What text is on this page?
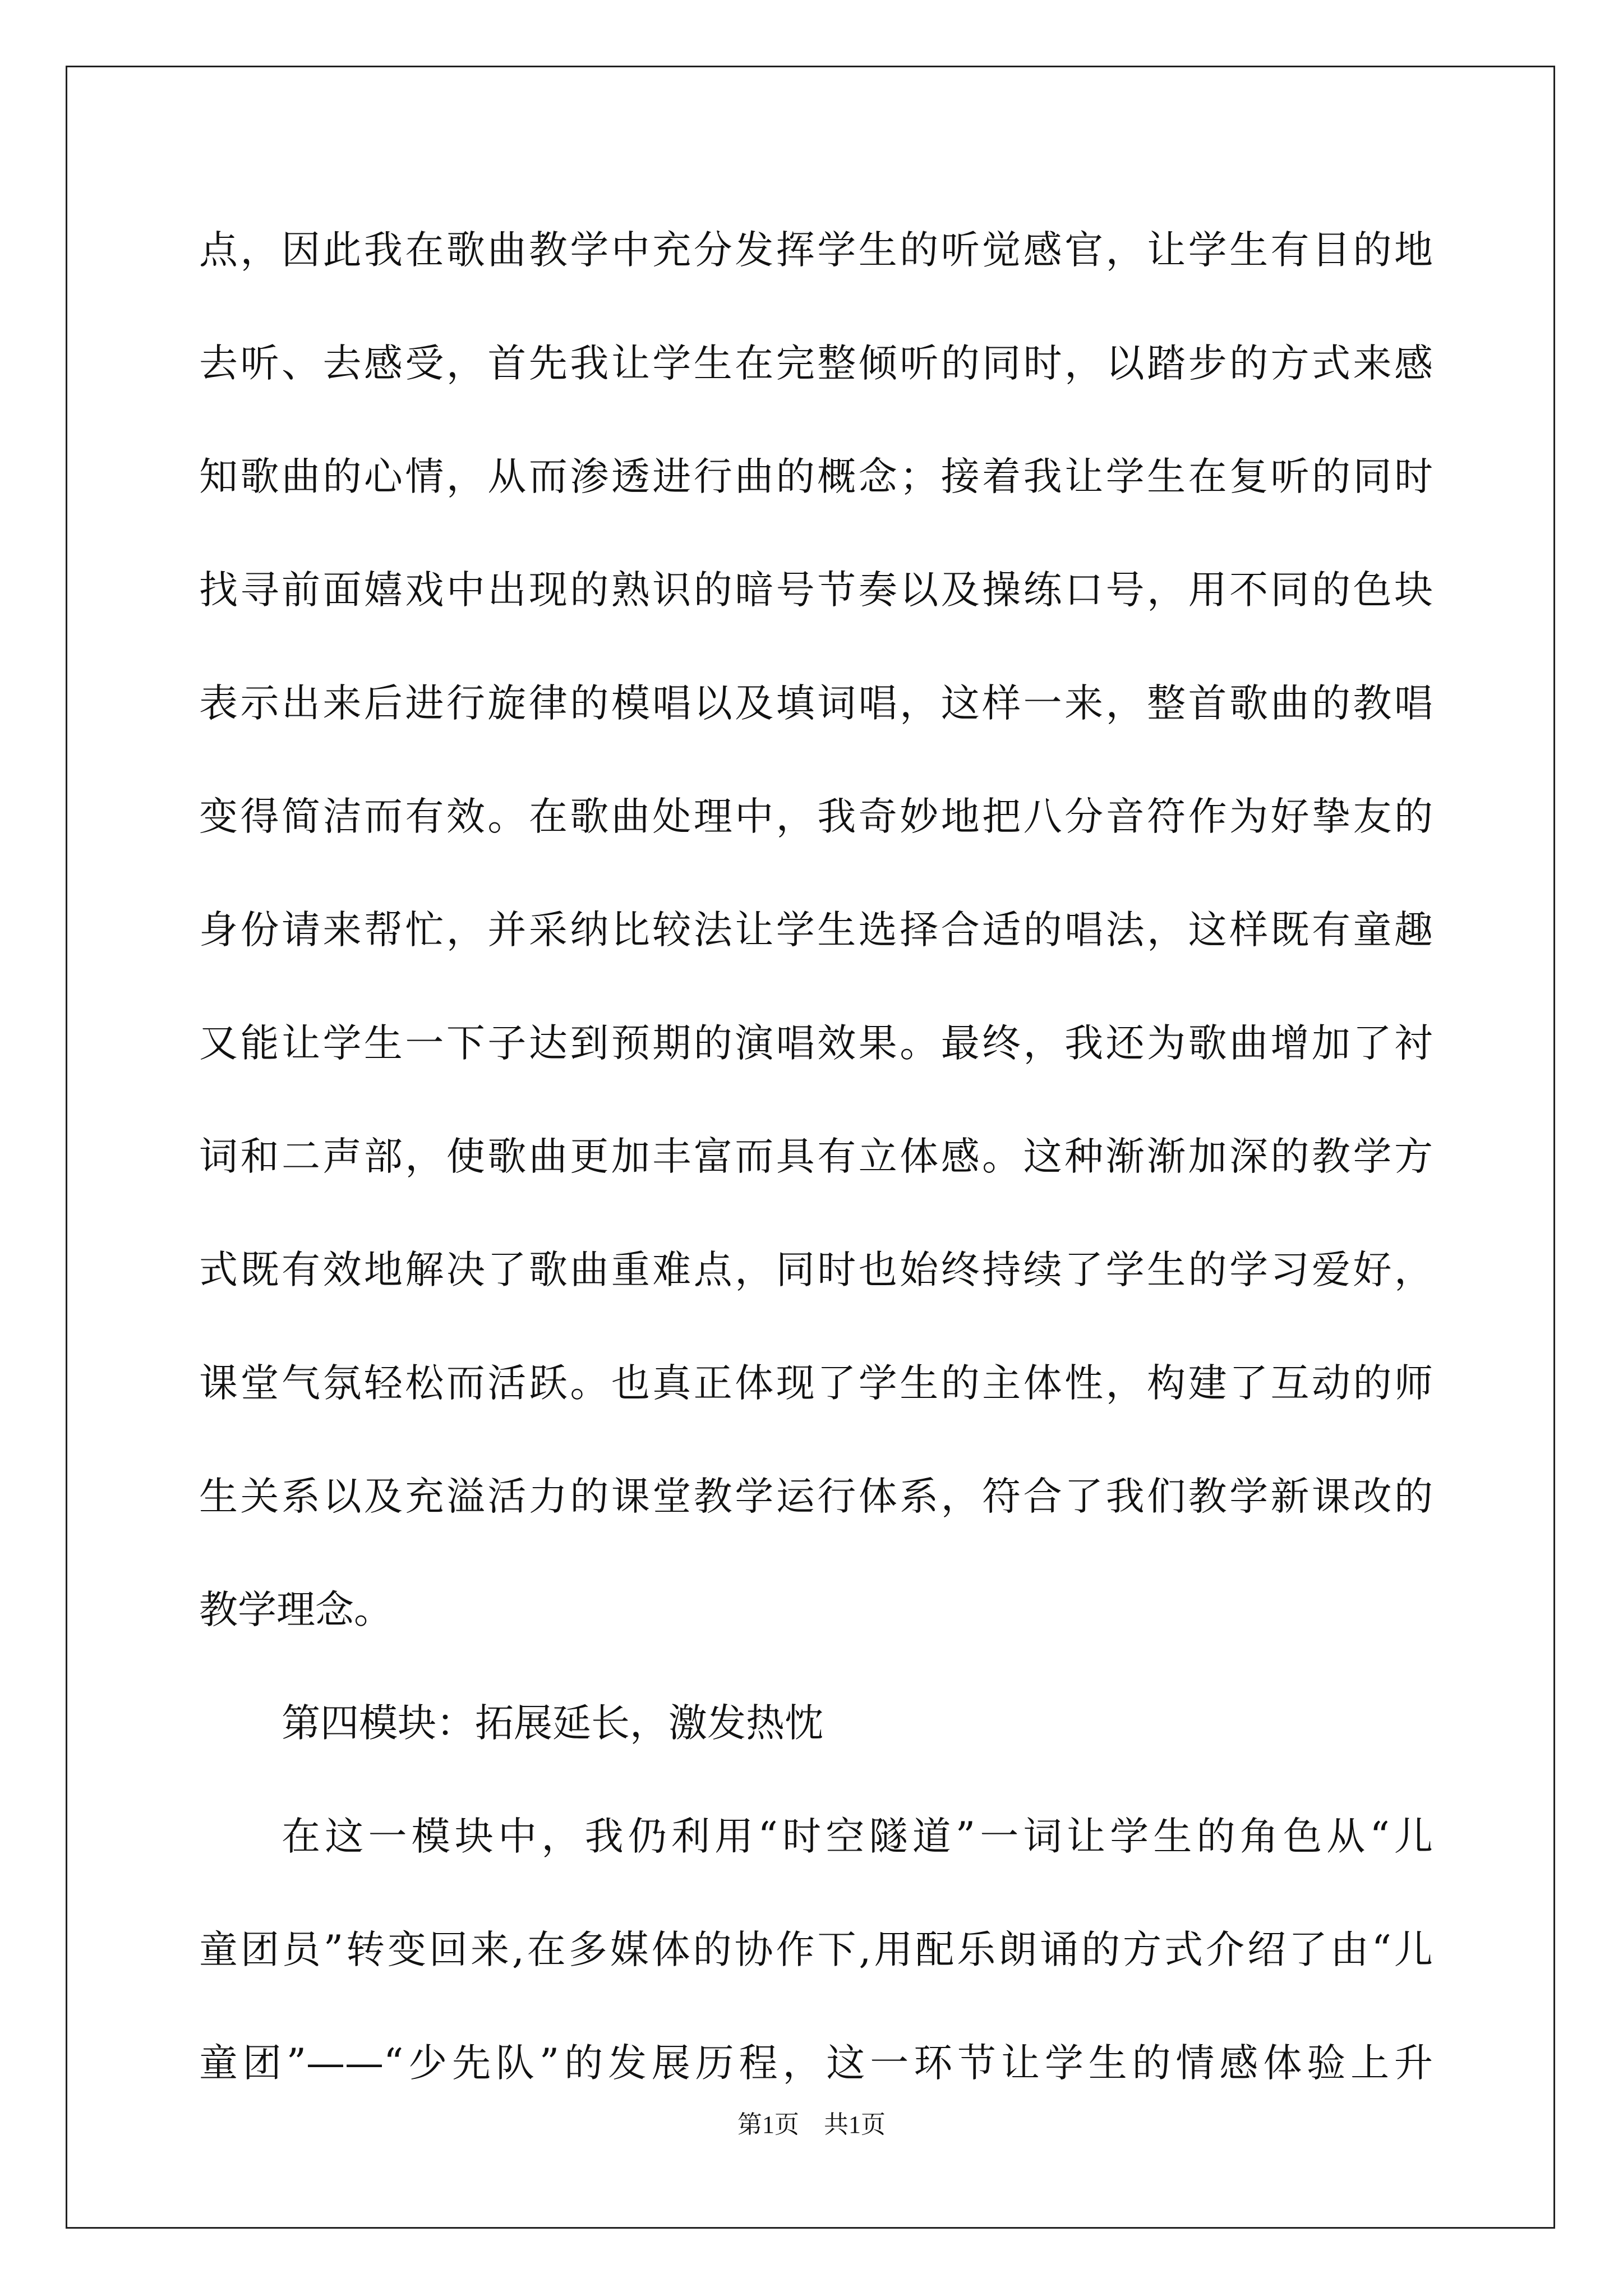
点，因此我在歌曲教学中充分发挥学生的听觉感官，让学生有目的地
去听、去感受，首先我让学生在完整倾听的同时，以踏步的方式来感
知歌曲的心情，从而渗透进行曲的概念；接着我让学生在复听的同时
找寻前面嬉戏中出现的熟识的暗号节奏以及操练口号，用不同的色块
表示出来后进行旋律的模唱以及填词唱，这样一来，整首歌曲的教唱
变得简洁而有效。在歌曲处理中，我奇妙地把八分音符作为好挚友的
身份请来帮忙，并采纳比较法让学生选择合适的唱法，这样既有童趣
又能让学生一下子达到预期的演唱效果。最终，我还为歌曲增加了衬
词和二声部，使歌曲更加丰富而具有立体感。这种渐渐加深的教学方
式既有效地解决了歌曲重难点，同时也始终持续了学生的学习爱好，
课堂气氛轻松而活跃。也真正体现了学生的主体性，构建了互动的师
生关系以及充溢活力的课堂教学运行体系，符合了我们教学新课改的
教学理念。
第四模块：拓展延长，激发热忱
在这一模块中，我仍利用“时空隧道”一词让学生的角色从“儿
童团员”转变回来,在多媒体的协作下,用配乐朗诵的方式介绍了由“儿
童团”——“少先队”的发展历程，这一环节让学生的情感体验上升
第1页　共1页
